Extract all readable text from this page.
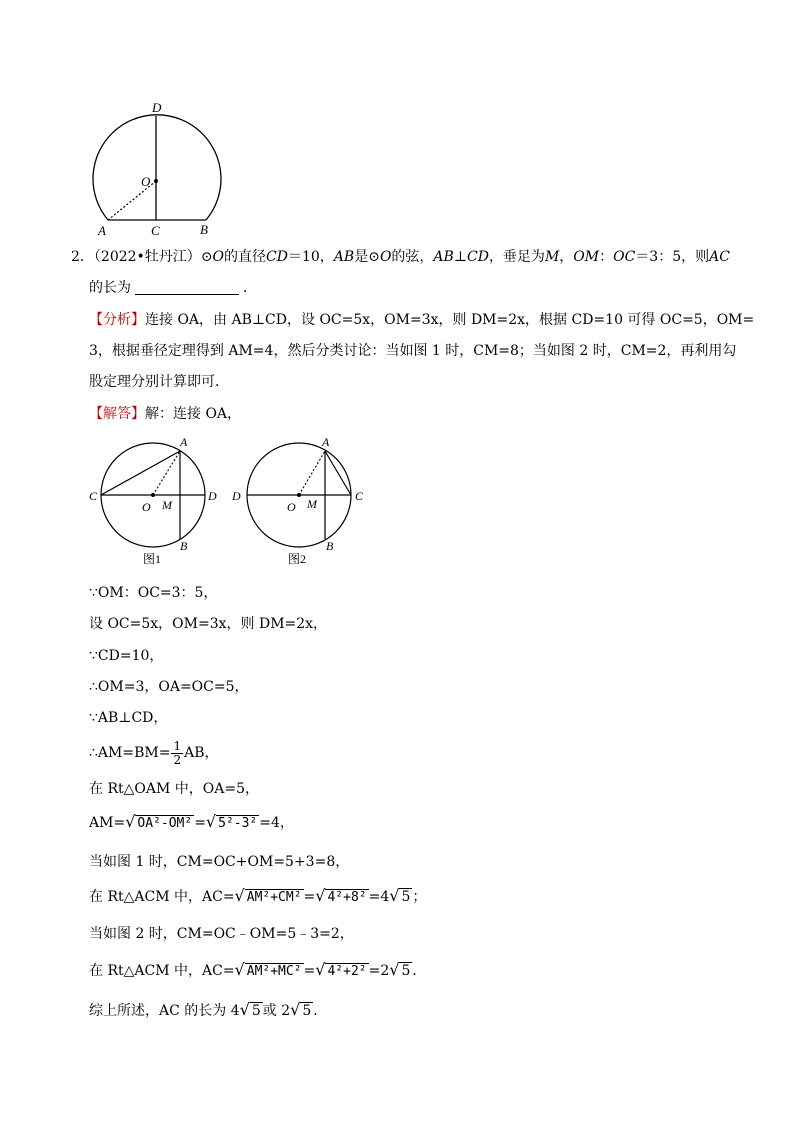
D
O
A	C	B
2．（2022•牡丹江）⊙O的直径CD＝10，AB是⊙O的弦，AB⊥CD，垂足为M，OM：OC＝3：5，则AC
的长为	．
【分析】连接 OA，由 AB⊥CD，设 OC=5x，OM=3x，则 DM=2x，根据 CD=10 可得 OC=5，OM=
3，根据垂径定理得到 AM=4，然后分类讨论：当如图 1 时，CM=8；当如图 2 时，CM=2，再利用勾
股定理分别计算即可．
【解答】解：连接 OA，
A
C
O M
D
B
图1
A
D
O M
C
B
图2
∵OM：OC=3：5，
设 OC=5x，OM=3x，则 DM=2x，
∵CD=10，
∴OM=3，OA=OC=5，
∵AB⊥CD，
∴AM=BM= $\frac{1}{2}$ AB，
在 Rt△OAM 中，OA=5，
AM=√ OA²-OM² =√ 5²-3² =4，
当如图 1 时，CM=OC+OM=5+3=8，
在 Rt△ACM 中，AC=√ AM²+CM² =√ 4²+8² =4√ 5 ；
当如图 2 时，CM=OC﹣OM=5﹣3=2，
在 Rt△ACM 中，AC=√ AM²+MC² =√ 4²+2² =2√ 5 ．
综上所述，AC 的长为 4√ 5 或 2√ 5 ．
